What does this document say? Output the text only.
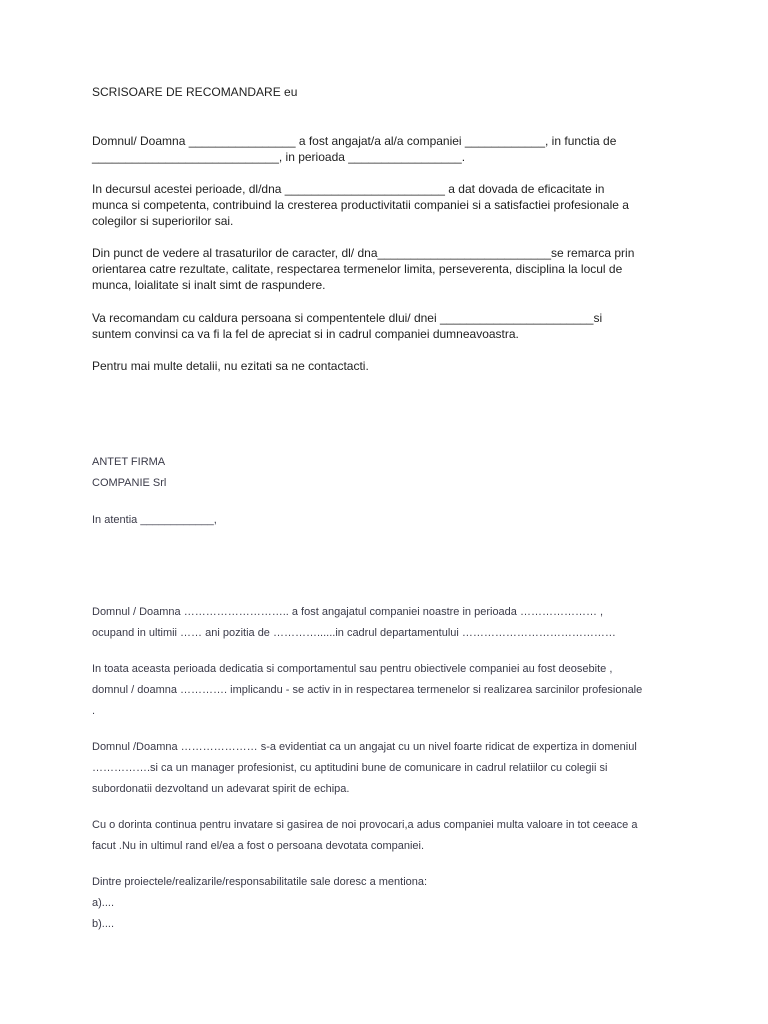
SCRISOARE DE RECOMANDARE eu

Domnul/ Doamna ________________ a fost angajat/a al/a companiei ____________, in functia de

____________________________, in perioada _________________.

In decursul acestei perioade, dl/dna ________________________ a dat dovada de eficacitate in

munca si competenta, contribuind la cresterea productivitatii companiei si a satisfactiei profesionale a

colegilor si superiorilor sai.

Din punct de vedere al trasaturilor de caracter, dl/ dna__________________________se remarca prin

orientarea catre rezultate, calitate, respectarea termenelor limita, perseverenta, disciplina la locul de

munca, loialitate si inalt simt de raspundere.

Va recomandam cu caldura persoana si compententele dlui/ dnei _______________________si

suntem convinsi ca va fi la fel de apreciat si in cadrul companiei dumneavoastra.

Pentru mai multe detalii, nu ezitati sa ne contactacti.

ANTET FIRMA

COMPANIE Srl

In atentia ____________,

Domnul / Doamna ……………………….. a fost angajatul companiei noastre in perioada ………………… ,

ocupand in ultimii …… ani pozitia de …………......in cadrul departamentului ……………………………………

In toata aceasta perioada dedicatia si comportamentul sau pentru obiectivele companiei au fost deosebite ,

domnul / doamna …………. implicandu - se activ in in respectarea termenelor si realizarea sarcinilor profesionale

.

Domnul /Doamna ………………… s-a evidentiat ca un angajat cu un nivel foarte ridicat de expertiza in domeniul

…………….si ca un manager profesionist, cu aptitudini bune de comunicare in cadrul relatiilor cu colegii si

subordonatii dezvoltand un adevarat spirit de echipa.

Cu o dorinta continua pentru invatare si gasirea de noi provocari,a adus companiei multa valoare in tot ceeace a

facut .Nu in ultimul rand el/ea a fost o persoana devotata companiei.

Dintre proiectele/realizarile/responsabilitatile sale doresc a mentiona:

a)....

b)....
